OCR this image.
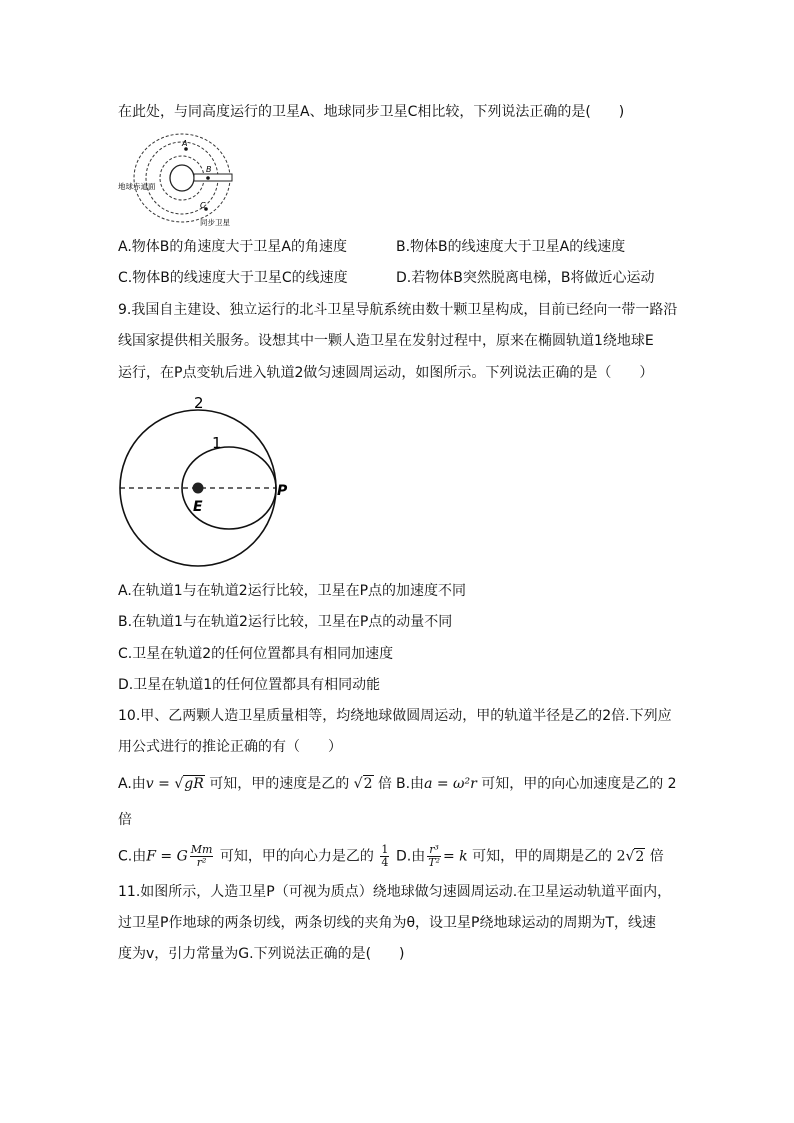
在此处，与同高度运行的卫星A、地球同步卫星C相比较，下列说法正确的是(　　)
A
B
C
地球赤道面
同步卫星
A.物体B的角速度大于卫星A的角速度	B.物体B的线速度大于卫星A的线速度
C.物体B的线速度大于卫星C的线速度	D.若物体B突然脱离电梯，B将做近心运动
9.我国自主建设、独立运行的北斗卫星导航系统由数十颗卫星构成，目前已经向一带一路沿
线国家提供相关服务。设想其中一颗人造卫星在发射过程中，原来在椭圆轨道1绕地球E
运行，在P点变轨后进入轨道2做匀速圆周运动，如图所示。下列说法正确的是（　　）
2
1
E
P
A.在轨道1与在轨道2运行比较，卫星在P点的加速度不同
B.在轨道1与在轨道2运行比较，卫星在P点的动量不同
C.卫星在轨道2的任何位置都具有相同加速度
D.卫星在轨道1的任何位置都具有相同动能
10.甲、乙两颗人造卫星质量相等，均绕地球做圆周运动，甲的轨道半径是乙的2倍.下列应
用公式进行的推论正确的有（　　）
A.由v = √gR 可知，甲的速度是乙的 √2 倍 B.由a = ω²r 可知，甲的向心加速度是乙的 2
倍
C.由F = G $\frac{Mm}{\text{r²}}$ 可知，甲的向心力是乙的 $\frac{1}{4} D$.由 $\frac{\text{r³}}{\text{T²}} = k$ 可知，甲的周期是乙的 2√2 倍
11.如图所示，人造卫星P（可视为质点）绕地球做匀速圆周运动.在卫星运动轨道平面内，
过卫星P作地球的两条切线，两条切线的夹角为θ，设卫星P绕地球运动的周期为T，线速
度为v，引力常量为G.下列说法正确的是(　　)
